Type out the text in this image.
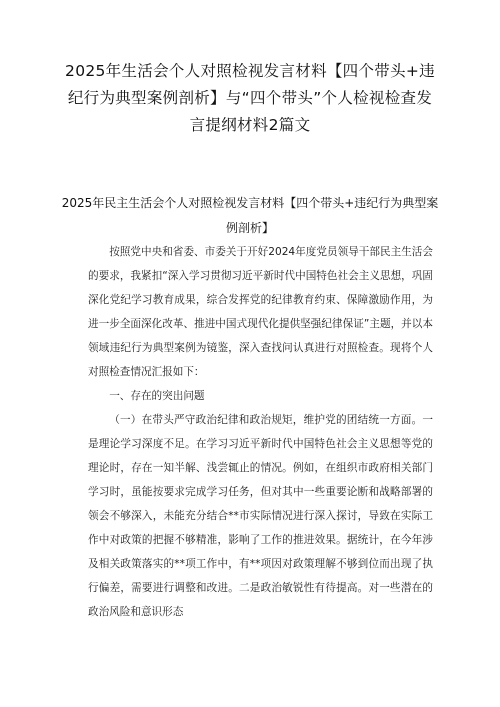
2025年生活会个人对照检视发言材料【四个带头+违纪行为典型案例剖析】与“四个带头”个人检视检查发言提纲材料2篇文
2025年民主生活会个人对照检视发言材料【四个带头+违纪行为典型案例剖析】

按照党中央和省委、市委关于开好2024年度党员领导干部民主生活会的要求，我紧扣“深入学习贯彻习近平新时代中国特色社会主义思想，巩固深化党纪学习教育成果，综合发挥党的纪律教育约束、保障激励作用，为进一步全面深化改革、推进中国式现代化提供坚强纪律保证”主题，并以本领域违纪行为典型案例为镜鉴，深入查找问认真进行对照检查。现将个人对照检查情况汇报如下：

一、存在的突出问题

（一）在带头严守政治纪律和政治规矩，维护党的团结统一方面。一是理论学习深度不足。在学习习近平新时代中国特色社会主义思想等党的理论时，存在一知半解、浅尝辄止的情况。例如，在组织市政府相关部门学习时，虽能按要求完成学习任务，但对其中一些重要论断和战略部署的领会不够深入，未能充分结合**市实际情况进行深入探讨，导致在实际工作中对政策的把握不够精准，影响了工作的推进效果。据统计，在今年涉及相关政策落实的**项工作中，有**项因对政策理解不够到位而出现了执行偏差，需要进行调整和改进。二是政治敏锐性有待提高。对一些潜在的政治风险和意识形态
